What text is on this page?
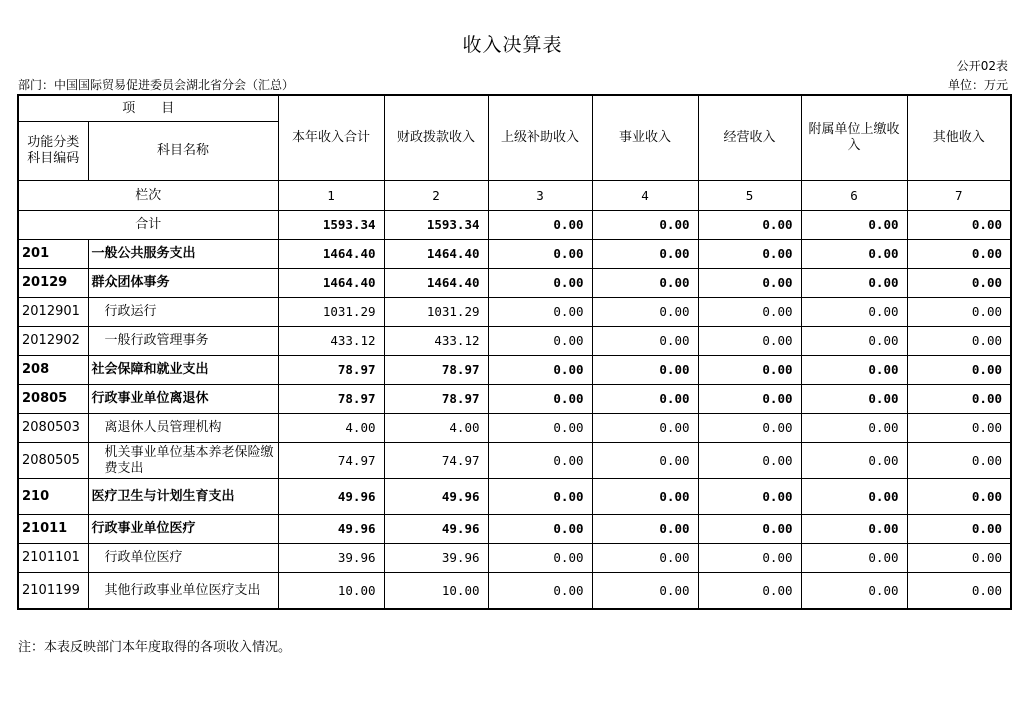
收入决算表
公开02表
部门：中国国际贸易促进委员会湖北省分会（汇总）	单位：万元
项　　目		本年收入合计	财政拨款收入	上级补助收入	事业收入	经营收入	附属单位上缴收入	其他收入
功能分类科目编码	科目名称							
栏次		1	2	3	4	5	6	7
合计		1593.34	1593.34	0.00	0.00	0.00	0.00	0.00
201	一般公共服务支出	1464.40	1464.40	0.00	0.00	0.00	0.00	0.00
20129	群众团体事务	1464.40	1464.40	0.00	0.00	0.00	0.00	0.00
2012901	行政运行	1031.29	1031.29	0.00	0.00	0.00	0.00	0.00
2012902	一般行政管理事务	433.12	433.12	0.00	0.00	0.00	0.00	0.00
208	社会保障和就业支出	78.97	78.97	0.00	0.00	0.00	0.00	0.00
20805	行政事业单位离退休	78.97	78.97	0.00	0.00	0.00	0.00	0.00
2080503	离退休人员管理机构	4.00	4.00	0.00	0.00	0.00	0.00	0.00
2080505	机关事业单位基本养老保险缴费支出	74.97	74.97	0.00	0.00	0.00	0.00	0.00
210	医疗卫生与计划生育支出	49.96	49.96	0.00	0.00	0.00	0.00	0.00
21011	行政事业单位医疗	49.96	49.96	0.00	0.00	0.00	0.00	0.00
2101101	行政单位医疗	39.96	39.96	0.00	0.00	0.00	0.00	0.00
2101199	其他行政事业单位医疗支出	10.00	10.00	0.00	0.00	0.00	0.00	0.00
注：本表反映部门本年度取得的各项收入情况。
